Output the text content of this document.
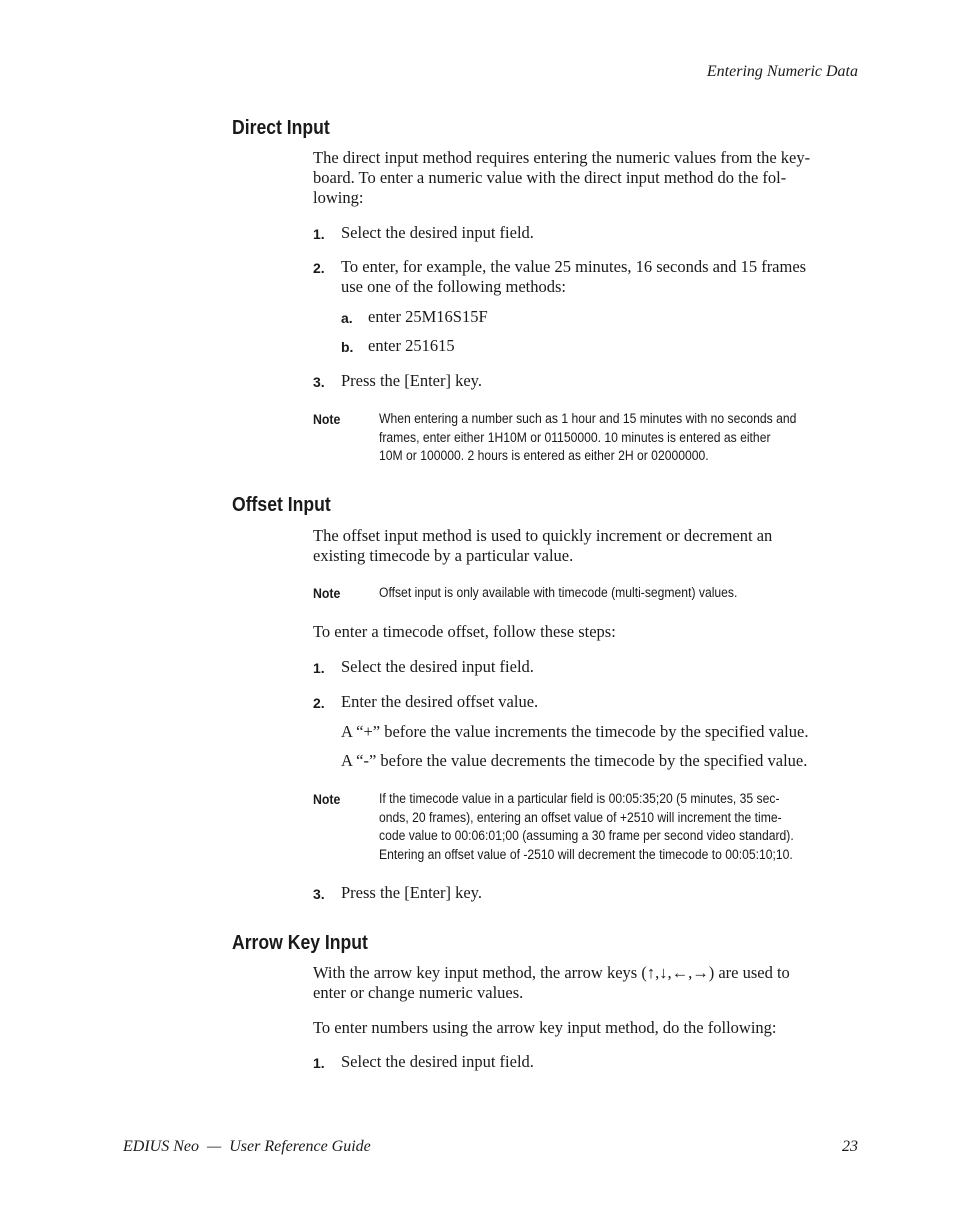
Entering Numeric Data
Direct Input
The direct input method requires entering the numeric values from the key-
board. To enter a numeric value with the direct input method do the fol-
lowing:
1. Select the desired input field.
2. To enter, for example, the value 25 minutes, 16 seconds and 15 frames
use one of the following methods:
a. enter 25M16S15F
b. enter 251615
3. Press the [Enter] key.
Note	When entering a number such as 1 hour and 15 minutes with no seconds and
frames, enter either 1H10M or 01150000. 10 minutes is entered as either
10M or 100000. 2 hours is entered as either 2H or 02000000.
Offset Input
The offset input method is used to quickly increment or decrement an
existing timecode by a particular value.
Note	Offset input is only available with timecode (multi-segment) values.
To enter a timecode offset, follow these steps:
1. Select the desired input field.
2. Enter the desired offset value.
A “+” before the value increments the timecode by the specified value.
A “-” before the value decrements the timecode by the specified value.
Note	If the timecode value in a particular field is 00:05:35;20 (5 minutes, 35 sec-
onds, 20 frames), entering an offset value of +2510 will increment the time-
code value to 00:06:01;00 (assuming a 30 frame per second video standard).
Entering an offset value of -2510 will decrement the timecode to 00:05:10;10.
3. Press the [Enter] key.
Arrow Key Input
With the arrow key input method, the arrow keys (↑,↓,←,→) are used to
enter or change numeric values.
To enter numbers using the arrow key input method, do the following:
1. Select the desired input field.
EDIUS Neo  —  User Reference Guide	23
